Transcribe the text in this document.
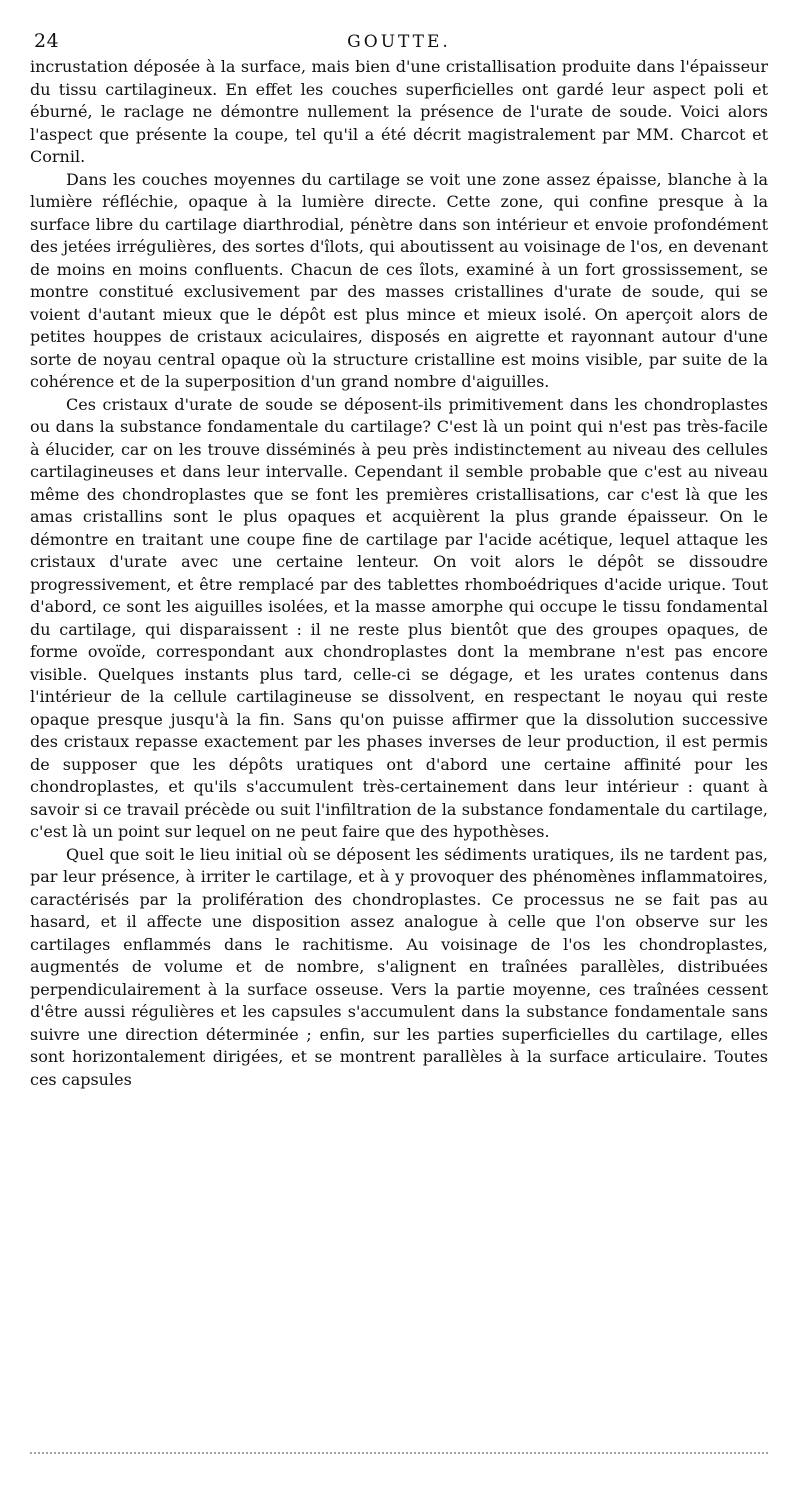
24	GOUTTE.

incrustation déposée à la surface, mais bien d'une cristallisation produite dans l'épaisseur du tissu cartilagineux. En effet les couches superficielles ont gardé leur aspect poli et éburné, le raclage ne démontre nullement la présence de l'urate de soude. Voici alors l'aspect que présente la coupe, tel qu'il a été décrit magistralement par MM. Charcot et Cornil.

Dans les couches moyennes du cartilage se voit une zone assez épaisse, blanche à la lumière réfléchie, opaque à la lumière directe. Cette zone, qui confine presque à la surface libre du cartilage diarthrodial, pénètre dans son intérieur et envoie profondément des jetées irrégulières, des sortes d'îlots, qui aboutissent au voisinage de l'os, en devenant de moins en moins confluents. Chacun de ces îlots, examiné à un fort grossissement, se montre constitué exclusivement par des masses cristallines d'urate de soude, qui se voient d'autant mieux que le dépôt est plus mince et mieux isolé. On aperçoit alors de petites houppes de cristaux aciculaires, disposés en aigrette et rayonnant autour d'une sorte de noyau central opaque où la structure cristalline est moins visible, par suite de la cohérence et de la superposition d'un grand nombre d'aiguilles.

Ces cristaux d'urate de soude se déposent-ils primitivement dans les chondroplastes ou dans la substance fondamentale du cartilage? C'est là un point qui n'est pas très-facile à élucider, car on les trouve disséminés à peu près indistinctement au niveau des cellules cartilagineuses et dans leur intervalle. Cependant il semble probable que c'est au niveau même des chondroplastes que se font les premières cristallisations, car c'est là que les amas cristallins sont le plus opaques et acquièrent la plus grande épaisseur. On le démontre en traitant une coupe fine de cartilage par l'acide acétique, lequel attaque les cristaux d'urate avec une certaine lenteur. On voit alors le dépôt se dissoudre progressivement, et être remplacé par des tablettes rhomboédriques d'acide urique. Tout d'abord, ce sont les aiguilles isolées, et la masse amorphe qui occupe le tissu fondamental du cartilage, qui disparaissent : il ne reste plus bientôt que des groupes opaques, de forme ovoïde, correspondant aux chondroplastes dont la membrane n'est pas encore visible. Quelques instants plus tard, celle-ci se dégage, et les urates contenus dans l'intérieur de la cellule cartilagineuse se dissolvent, en respectant le noyau qui reste opaque presque jusqu'à la fin. Sans qu'on puisse affirmer que la dissolution successive des cristaux repasse exactement par les phases inverses de leur production, il est permis de supposer que les dépôts uratiques ont d'abord une certaine affinité pour les chondroplastes, et qu'ils s'accumulent très-certainement dans leur intérieur : quant à savoir si ce travail précède ou suit l'infiltration de la substance fondamentale du cartilage, c'est là un point sur lequel on ne peut faire que des hypothèses.

Quel que soit le lieu initial où se déposent les sédiments uratiques, ils ne tardent pas, par leur présence, à irriter le cartilage, et à y provoquer des phénomènes inflammatoires, caractérisés par la prolifération des chondroplastes. Ce processus ne se fait pas au hasard, et il affecte une disposition assez analogue à celle que l'on observe sur les cartilages enflammés dans le rachitisme. Au voisinage de l'os les chondroplastes, augmentés de volume et de nombre, s'alignent en traînées parallèles, distribuées perpendiculairement à la surface osseuse. Vers la partie moyenne, ces traînées cessent d'être aussi régulières et les capsules s'accumulent dans la substance fondamentale sans suivre une direction déterminée ; enfin, sur les parties superficielles du cartilage, elles sont horizontalement dirigées, et se montrent parallèles à la surface articulaire. Toutes ces capsules
